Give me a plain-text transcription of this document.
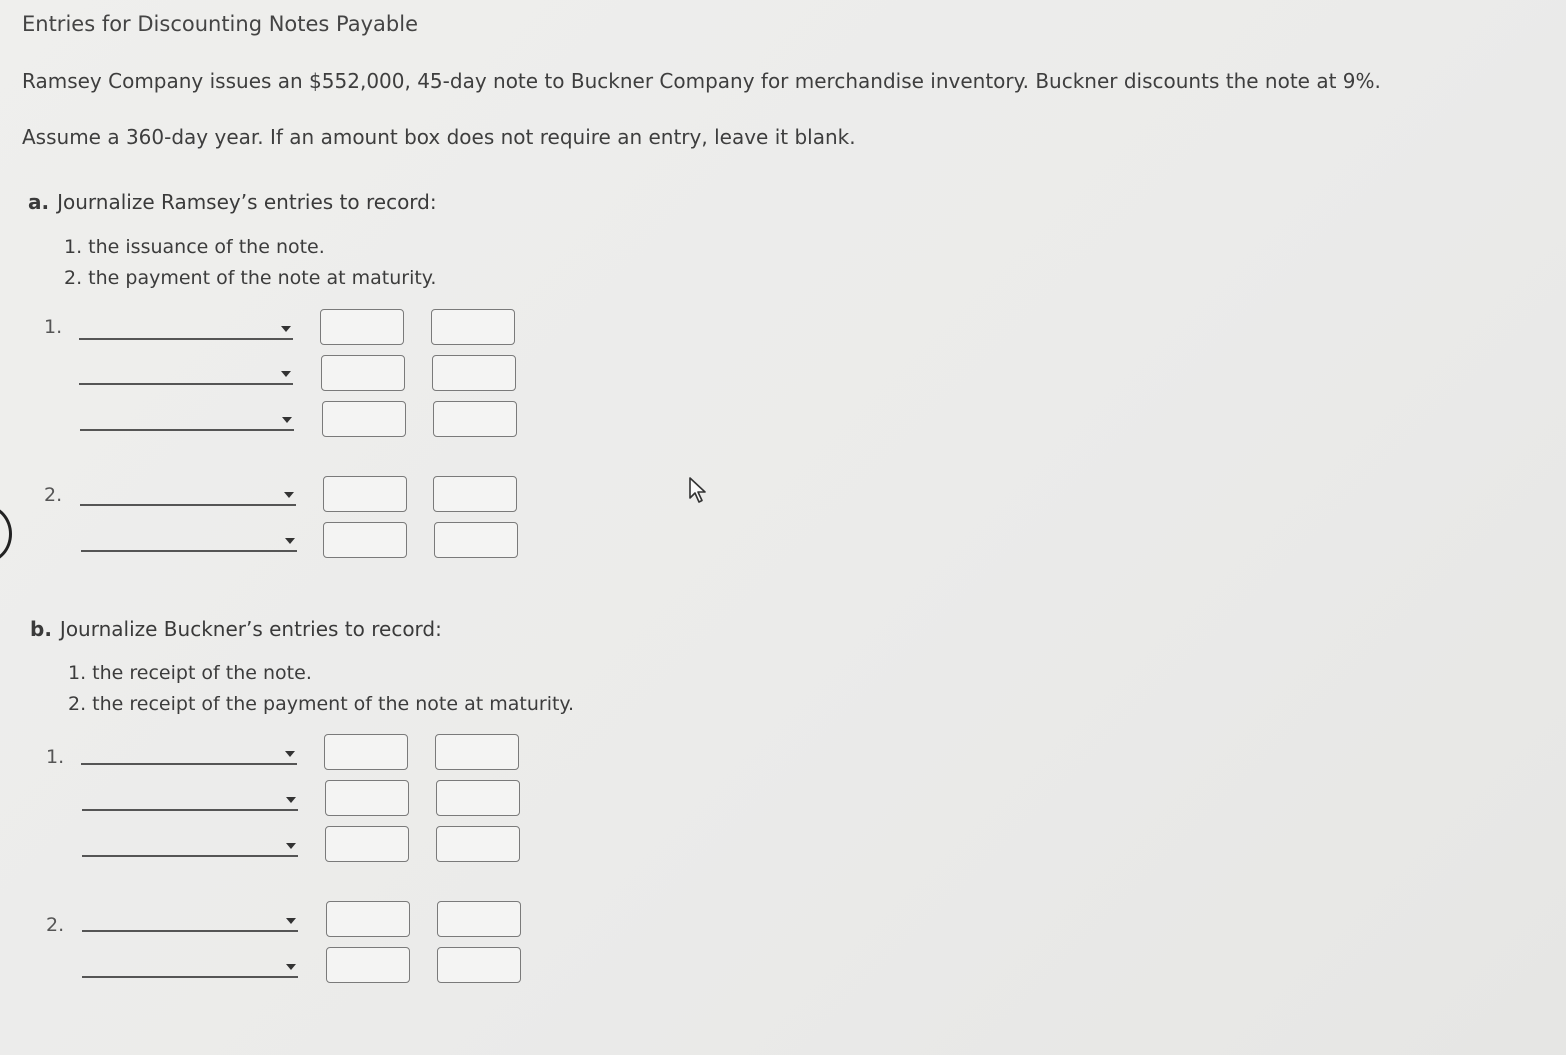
Entries for Discounting Notes Payable
Ramsey Company issues an $552,000, 45-day note to Buckner Company for merchandise inventory. Buckner discounts the note at 9%.
Assume a 360-day year. If an amount box does not require an entry, leave it blank.
a. Journalize Ramsey’s entries to record:
1. the issuance of the note.
2. the payment of the note at maturity.
1.
2.
b. Journalize Buckner’s entries to record:
1. the receipt of the note.
2. the receipt of the payment of the note at maturity.
1.
2.
